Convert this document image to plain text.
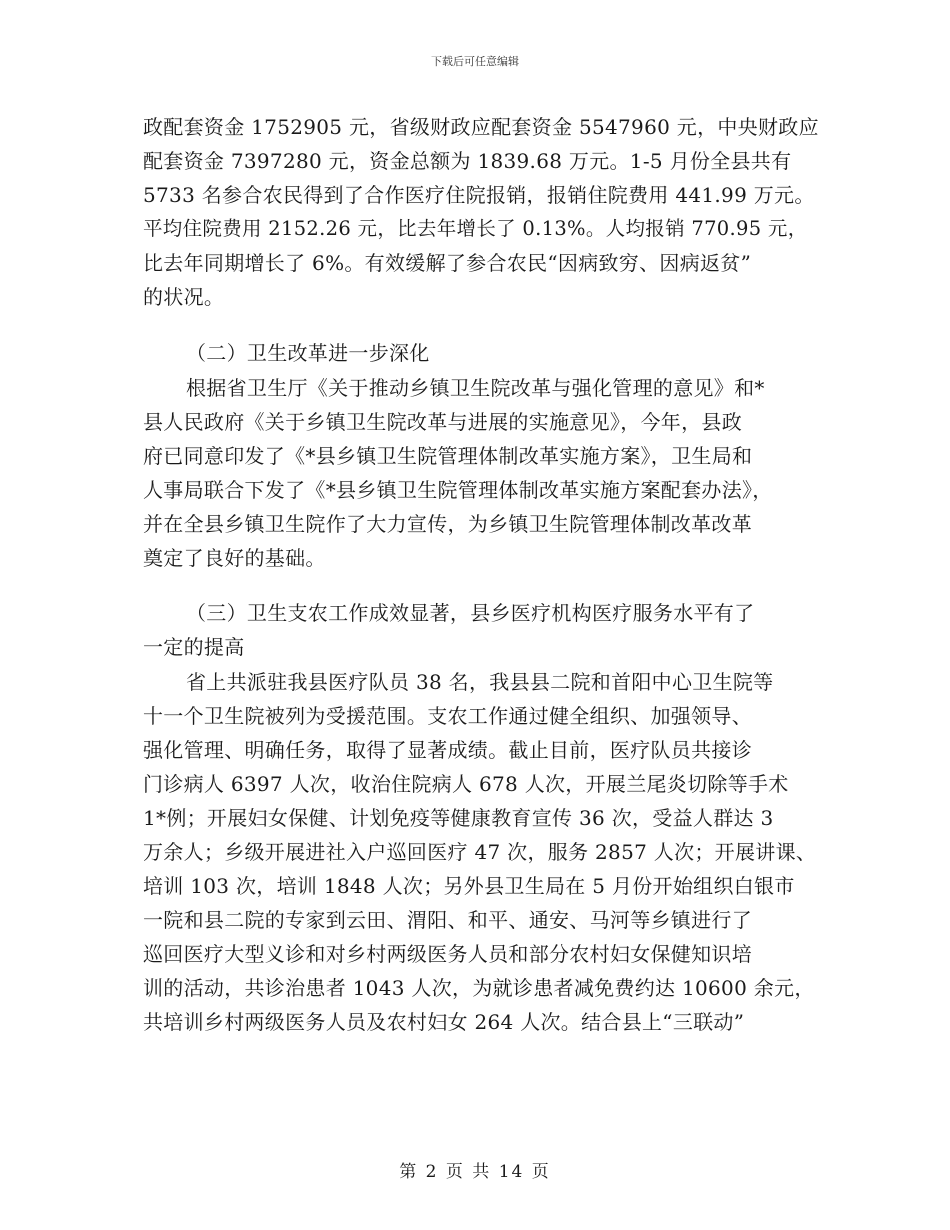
下载后可任意编辑
政配套资金 1752905 元，省级财政应配套资金 5547960 元，中央财政应
配套资金 7397280 元，资金总额为 1839.68 万元。1-5 月份全县共有
5733 名参合农民得到了合作医疗住院报销，报销住院费用 441.99 万元。
平均住院费用 2152.26 元，比去年增长了 0.13%。人均报销 770.95 元，
比去年同期增长了 6%。有效缓解了参合农民“因病致穷、因病返贫”
的状况。
（二）卫生改革进一步深化
根据省卫生厅《关于推动乡镇卫生院改革与强化管理的意见》和*
县人民政府《关于乡镇卫生院改革与进展的实施意见》，今年，县政
府已同意印发了《*县乡镇卫生院管理体制改革实施方案》，卫生局和
人事局联合下发了《*县乡镇卫生院管理体制改革实施方案配套办法》，
并在全县乡镇卫生院作了大力宣传，为乡镇卫生院管理体制改革改革
奠定了良好的基础。
（三）卫生支农工作成效显著，县乡医疗机构医疗服务水平有了
一定的提高
省上共派驻我县医疗队员 38 名，我县县二院和首阳中心卫生院等
十一个卫生院被列为受援范围。支农工作通过健全组织、加强领导、
强化管理、明确任务，取得了显著成绩。截止目前，医疗队员共接诊
门诊病人 6397 人次，收治住院病人 678 人次，开展兰尾炎切除等手术
1*例；开展妇女保健、计划免疫等健康教育宣传 36 次，受益人群达 3
万余人；乡级开展进社入户巡回医疗 47 次，服务 2857 人次；开展讲课、
培训 103 次，培训 1848 人次；另外县卫生局在 5 月份开始组织白银市
一院和县二院的专家到云田、渭阳、和平、通安、马河等乡镇进行了
巡回医疗大型义诊和对乡村两级医务人员和部分农村妇女保健知识培
训的活动，共诊治患者 1043 人次，为就诊患者减免费约达 10600 余元，
共培训乡村两级医务人员及农村妇女 264 人次。结合县上“三联动”
第 2 页 共 14 页
